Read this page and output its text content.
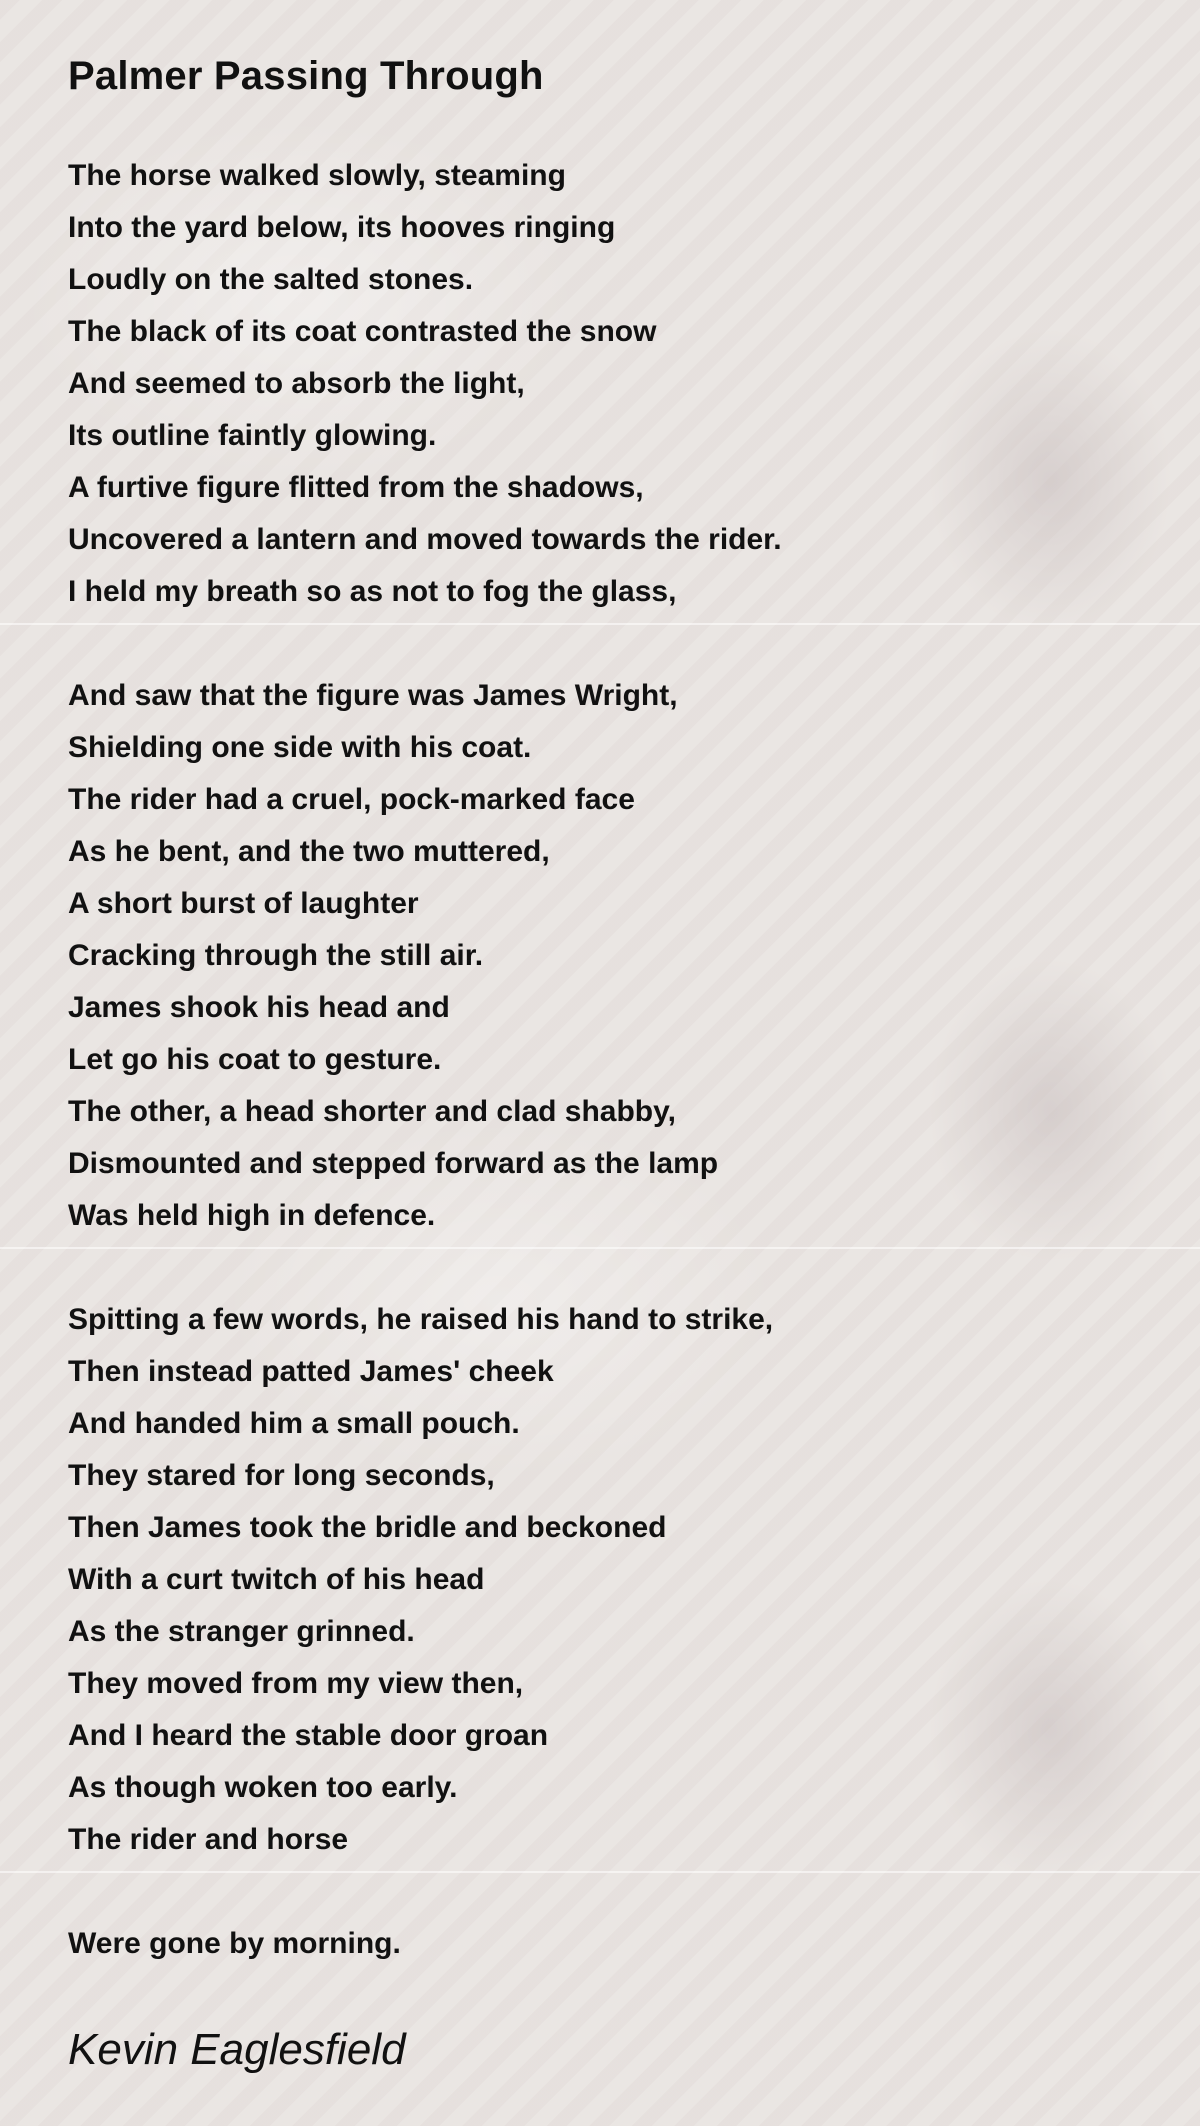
Palmer Passing Through
The horse walked slowly, steaming
Into the yard below, its hooves ringing
Loudly on the salted stones.
The black of its coat contrasted the snow
And seemed to absorb the light,
Its outline faintly glowing.
A furtive figure flitted from the shadows,
Uncovered a lantern and moved towards the rider.
I held my breath so as not to fog the glass,
And saw that the figure was James Wright,
Shielding one side with his coat.
The rider had a cruel, pock-marked face
As he bent, and the two muttered,
A short burst of laughter
Cracking through the still air.
James shook his head and
Let go his coat to gesture.
The other, a head shorter and clad shabby,
Dismounted and stepped forward as the lamp
Was held high in defence.
Spitting a few words, he raised his hand to strike,
Then instead patted James' cheek
And handed him a small pouch.
They stared for long seconds,
Then James took the bridle and beckoned
With a curt twitch of his head
As the stranger grinned.
They moved from my view then,
And I heard the stable door groan
As though woken too early.
The rider and horse
Were gone by morning.
Kevin Eaglesfield
